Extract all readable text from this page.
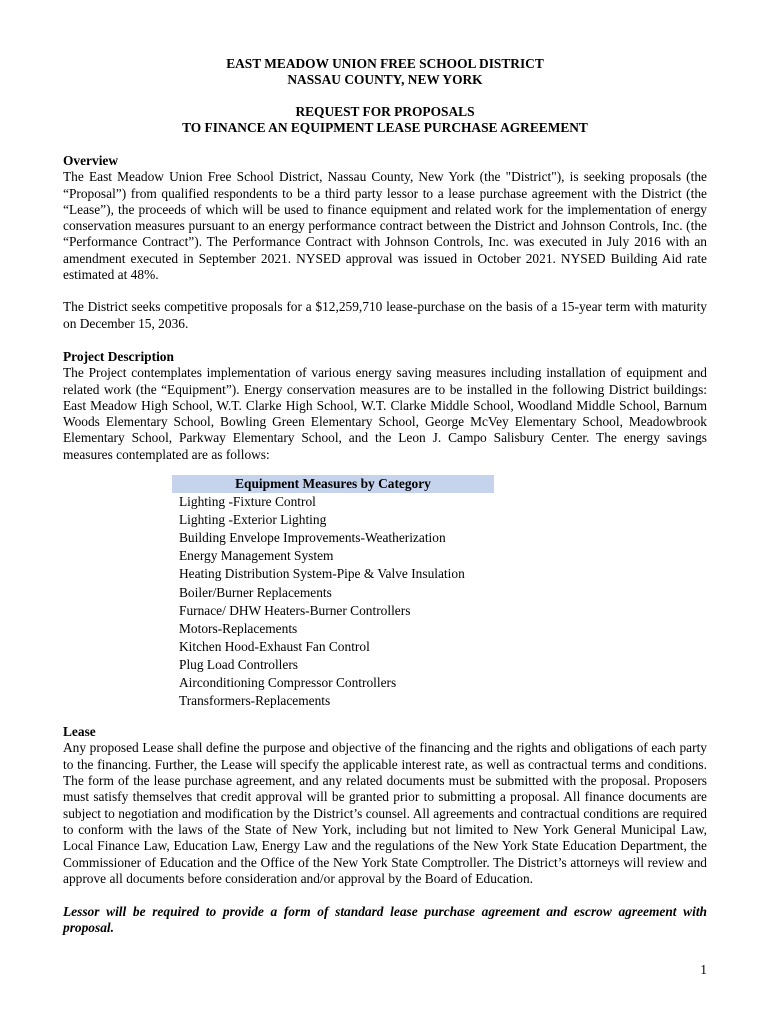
EAST MEADOW UNION FREE SCHOOL DISTRICT
NASSAU COUNTY, NEW YORK
REQUEST FOR PROPOSALS
TO FINANCE AN EQUIPMENT LEASE PURCHASE AGREEMENT
Overview

The East Meadow Union Free School District, Nassau County, New York (the "District"), is seeking proposals (the “Proposal”) from qualified respondents to be a third party lessor to a lease purchase agreement with the District (the “Lease”), the proceeds of which will be used to finance equipment and related work for the implementation of energy conservation measures pursuant to an energy performance contract between the District and Johnson Controls, Inc. (the “Performance Contract”). The Performance Contract with Johnson Controls, Inc. was executed in July 2016 with an amendment executed in September 2021. NYSED approval was issued in October 2021. NYSED Building Aid rate estimated at 48%.

The District seeks competitive proposals for a $12,259,710 lease-purchase on the basis of a 15-year term with maturity on December 15, 2036.

Project Description

The Project contemplates implementation of various energy saving measures including installation of equipment and related work (the “Equipment”). Energy conservation measures are to be installed in the following District buildings: East Meadow High School, W.T. Clarke High School, W.T. Clarke Middle School, Woodland Middle School, Barnum Woods Elementary School, Bowling Green Elementary School, George McVey Elementary School, Meadowbrook Elementary School, Parkway Elementary School, and the Leon J. Campo Salisbury Center. The energy savings measures contemplated are as follows:

Equipment Measures by Category
Lighting -Fixture Control
Lighting -Exterior Lighting
Building Envelope Improvements-Weatherization
Energy Management System
Heating Distribution System-Pipe & Valve Insulation
Boiler/Burner Replacements
Furnace/ DHW Heaters-Burner Controllers
Motors-Replacements
Kitchen Hood-Exhaust Fan Control
Plug Load Controllers
Airconditioning Compressor Controllers
Transformers-Replacements
Lease

Any proposed Lease shall define the purpose and objective of the financing and the rights and obligations of each party to the financing. Further, the Lease will specify the applicable interest rate, as well as contractual terms and conditions. The form of the lease purchase agreement, and any related documents must be submitted with the proposal. Proposers must satisfy themselves that credit approval will be granted prior to submitting a proposal. All finance documents are subject to negotiation and modification by the District’s counsel. All agreements and contractual conditions are required to conform with the laws of the State of New York, including but not limited to New York General Municipal Law, Local Finance Law, Education Law, Energy Law and the regulations of the New York State Education Department, the Commissioner of Education and the Office of the New York State Comptroller. The District’s attorneys will review and approve all documents before consideration and/or approval by the Board of Education.

Lessor will be required to provide a form of standard lease purchase agreement and escrow agreement with proposal.
1
